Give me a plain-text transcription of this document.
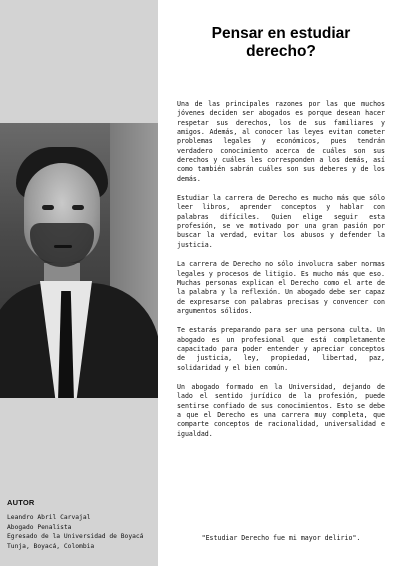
AUTOR
Leandro Abril Carvajal
Abogado Penalista
Egresado de la Universidad de Boyacá
Tunja, Boyacá, Colombia
Pensar en estudiar
derecho?

Una de las principales razones por las que muchos jóvenes deciden ser abogados es porque desean hacer respetar sus derechos, los de sus familiares y amigos. Además, al conocer las leyes evitan cometer problemas legales y económicos, pues tendrán verdadero conocimiento acerca de cuáles son sus derechos y cuáles les corresponden a los demás, así como también sabrán cuáles son sus deberes y de los demás.

Estudiar la carrera de Derecho es mucho más que sólo leer libros, aprender conceptos y hablar con palabras difíciles. Quien elige seguir esta profesión, se ve motivado por una gran pasión por buscar la verdad, evitar los abusos y defender la justicia.

La carrera de Derecho no sólo involucra saber normas legales y procesos de litigio. Es mucho más que eso. Muchas personas explican el Derecho como el arte de la palabra y la reflexión. Un abogado debe ser capaz de expresarse con palabras precisas y convencer con argumentos sólidos.

Te estarás preparando para ser una persona culta. Un abogado es un profesional que está completamente capacitado para poder entender y apreciar conceptos de justicia, ley, propiedad, libertad, paz, solidaridad y el bien común.

Un abogado formado en la Universidad, dejando de lado el sentido jurídico de la profesión, puede sentirse confiado de sus conocimientos. Esto se debe a que el Derecho es una carrera muy completa, que comparte conceptos de racionalidad, universalidad e igualdad.

"Estudiar Derecho fue mi mayor delirio".
